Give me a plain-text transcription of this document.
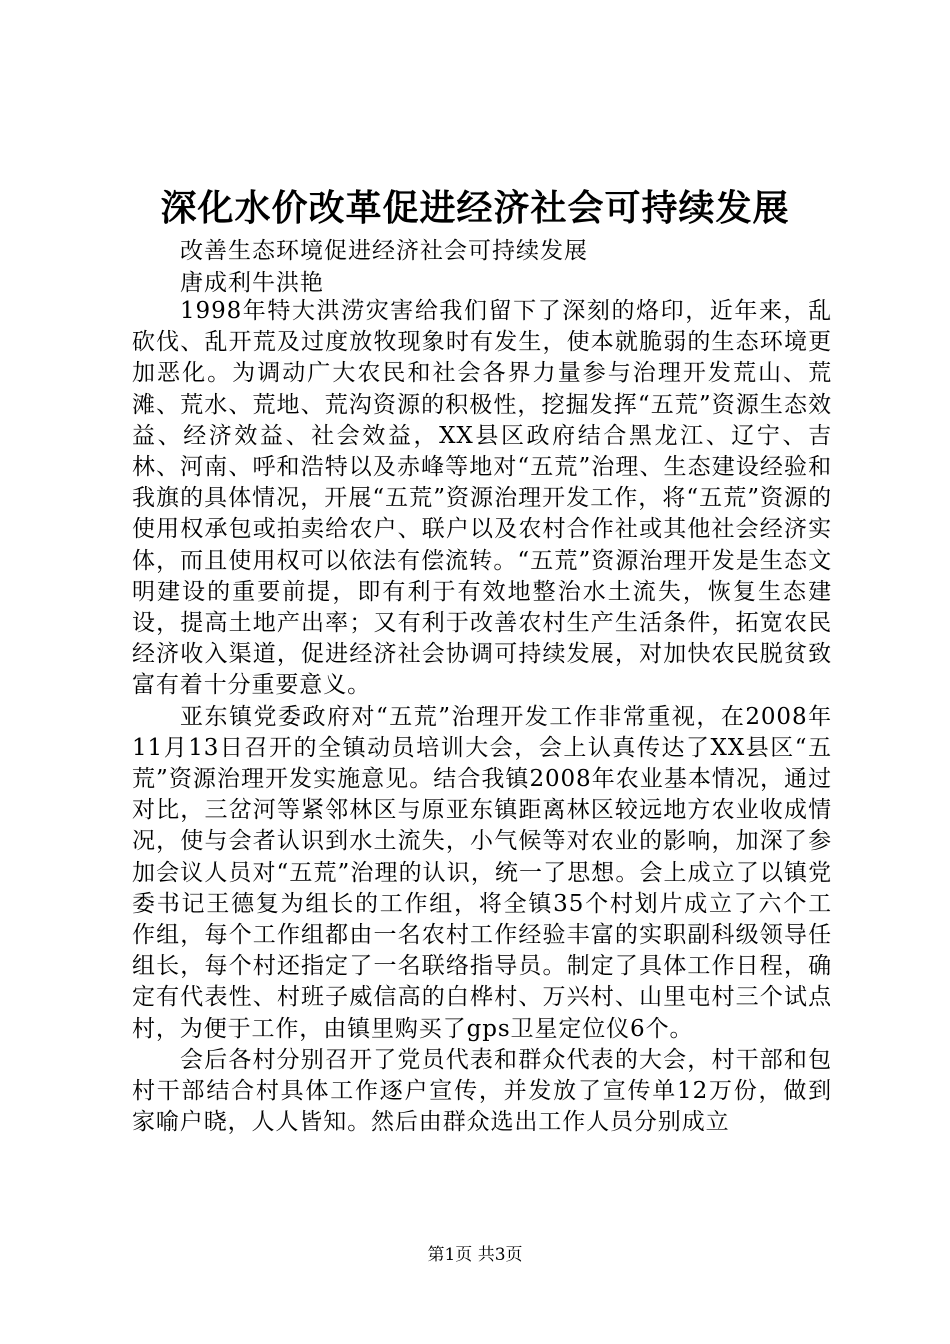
深化水价改革促进经济社会可持续发展
改善生态环境促进经济社会可持续发展
唐成利牛洪艳

1998年特大洪涝灾害给我们留下了深刻的烙印，近年来，乱砍伐、乱开荒及过度放牧现象时有发生，使本就脆弱的生态环境更加恶化。为调动广大农民和社会各界力量参与治理开发荒山、荒滩、荒水、荒地、荒沟资源的积极性，挖掘发挥“五荒”资源生态效益、经济效益、社会效益，XX县区政府结合黑龙江、辽宁、吉林、河南、呼和浩特以及赤峰等地对“五荒”治理、生态建设经验和我旗的具体情况，开展“五荒”资源治理开发工作，将“五荒”资源的使用权承包或拍卖给农户、联户以及农村合作社或其他社会经济实体，而且使用权可以依法有偿流转。“五荒”资源治理开发是生态文明建设的重要前提，即有利于有效地整治水土流失，恢复生态建设，提高土地产出率；又有利于改善农村生产生活条件，拓宽农民经济收入渠道，促进经济社会协调可持续发展，对加快农民脱贫致富有着十分重要意义。

亚东镇党委政府对“五荒”治理开发工作非常重视，在2008年11月13日召开的全镇动员培训大会，会上认真传达了XX县区“五荒”资源治理开发实施意见。结合我镇2008年农业基本情况，通过对比，三岔河等紧邻林区与原亚东镇距离林区较远地方农业收成情况，使与会者认识到水土流失，小气候等对农业的影响，加深了参加会议人员对“五荒”治理的认识，统一了思想。会上成立了以镇党委书记王德复为组长的工作组，将全镇35个村划片成立了六个工作组，每个工作组都由一名农村工作经验丰富的实职副科级领导任组长，每个村还指定了一名联络指导员。制定了具体工作日程，确定有代表性、村班子威信高的白桦村、万兴村、山里屯村三个试点村，为便于工作，由镇里购买了gps卫星定位仪6个。

会后各村分别召开了党员代表和群众代表的大会，村干部和包村干部结合村具体工作逐户宣传，并发放了宣传单12万份，做到家喻户晓，人人皆知。然后由群众选出工作人员分别成立

第1页 共3页
